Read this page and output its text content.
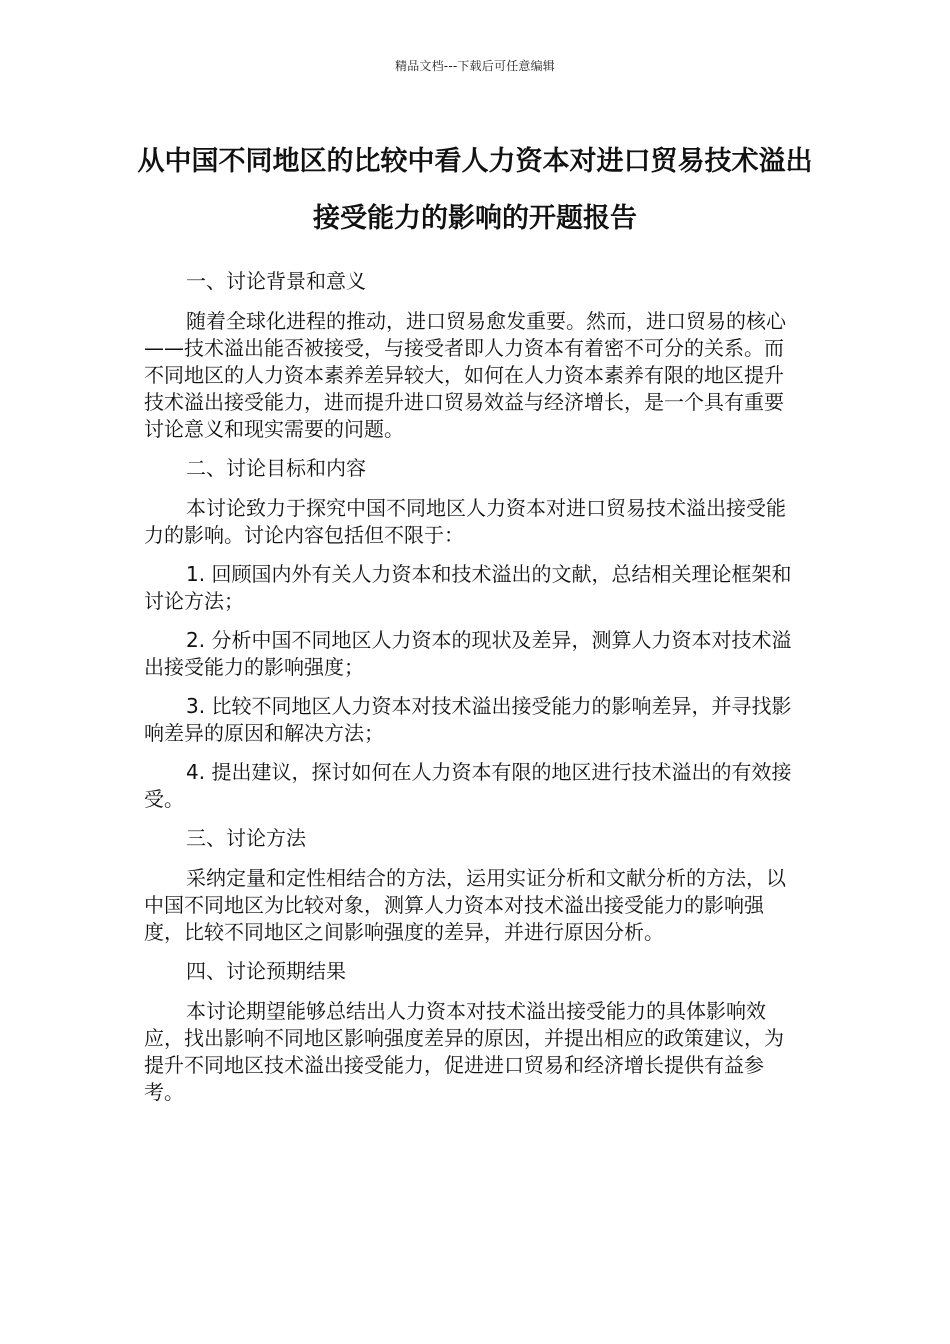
精品文档---下载后可任意编辑
从中国不同地区的比较中看人力资本对进口贸易技术溢出接受能力的影响的开题报告

一、讨论背景和意义

随着全球化进程的推动，进口贸易愈发重要。然而，进口贸易的核心——技术溢出能否被接受，与接受者即人力资本有着密不可分的关系。而不同地区的人力资本素养差异较大，如何在人力资本素养有限的地区提升技术溢出接受能力，进而提升进口贸易效益与经济增长，是一个具有重要讨论意义和现实需要的问题。

二、讨论目标和内容

本讨论致力于探究中国不同地区人力资本对进口贸易技术溢出接受能力的影响。讨论内容包括但不限于：

1. 回顾国内外有关人力资本和技术溢出的文献，总结相关理论框架和讨论方法；

2. 分析中国不同地区人力资本的现状及差异，测算人力资本对技术溢出接受能力的影响强度；

3. 比较不同地区人力资本对技术溢出接受能力的影响差异，并寻找影响差异的原因和解决方法；

4. 提出建议，探讨如何在人力资本有限的地区进行技术溢出的有效接受。

三、讨论方法

采纳定量和定性相结合的方法，运用实证分析和文献分析的方法，以中国不同地区为比较对象，测算人力资本对技术溢出接受能力的影响强度，比较不同地区之间影响强度的差异，并进行原因分析。

四、讨论预期结果

本讨论期望能够总结出人力资本对技术溢出接受能力的具体影响效应，找出影响不同地区影响强度差异的原因，并提出相应的政策建议，为提升不同地区技术溢出接受能力，促进进口贸易和经济增长提供有益参考。
